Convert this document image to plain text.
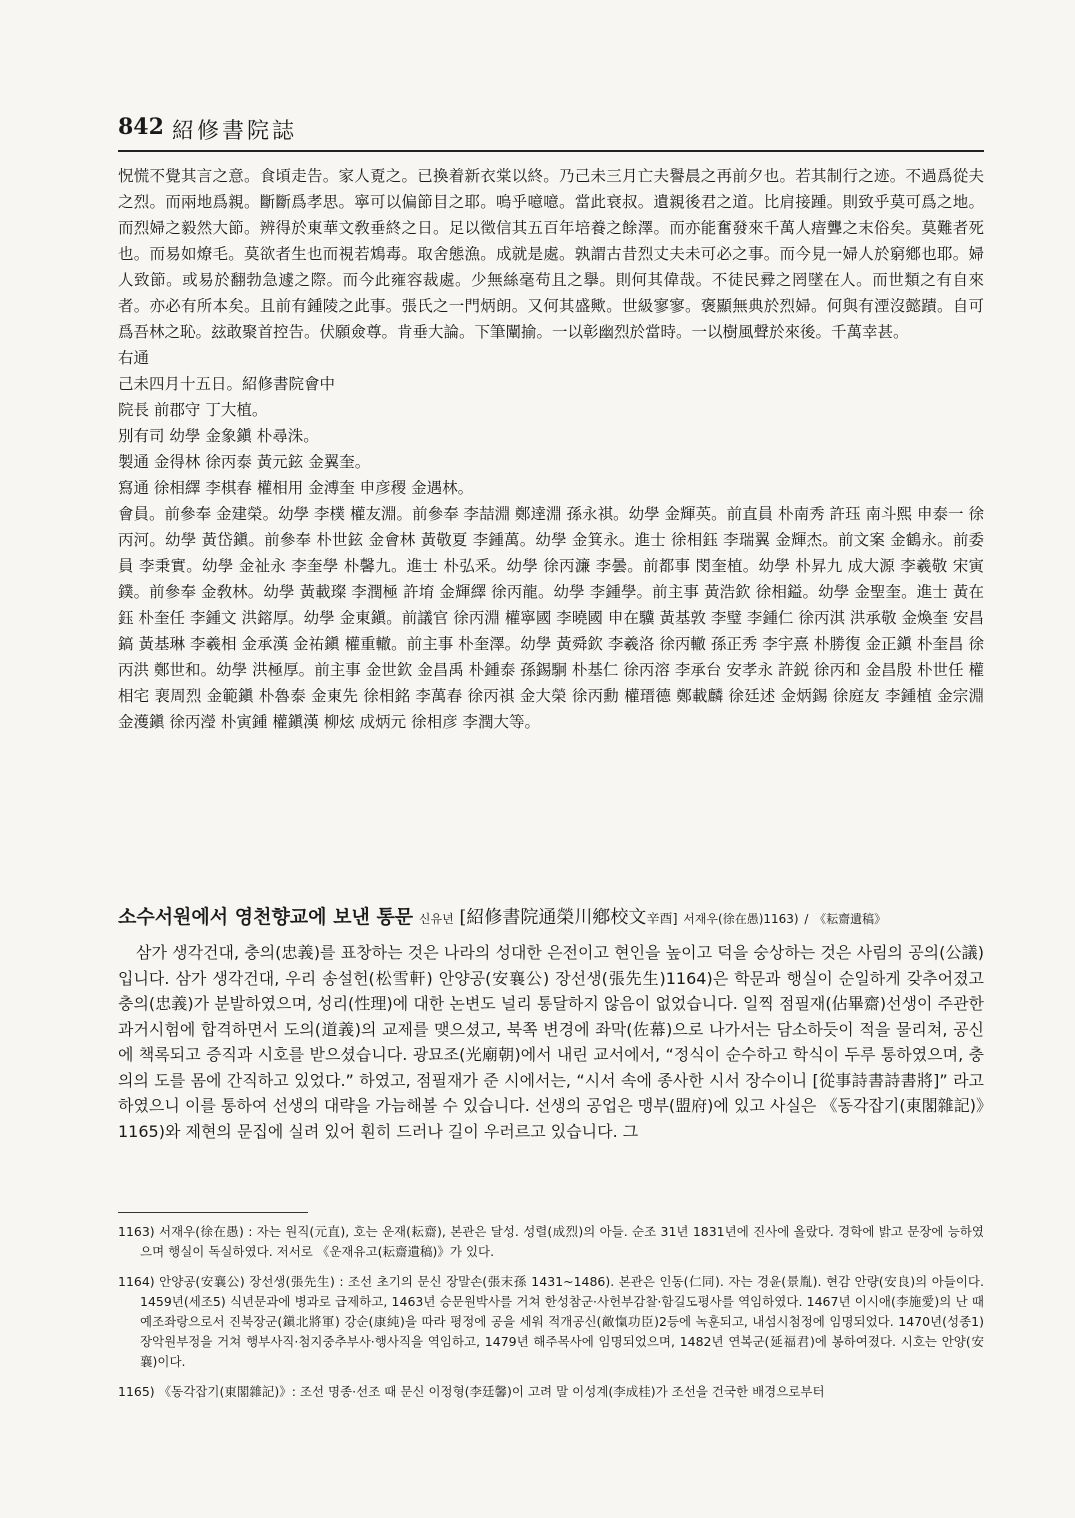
842 紹修書院誌

怳慌不覺其言之意。食頃走告。家人覔之。已換着新衣棠以終。乃己未三月亡夫譽晨之再前夕也。若其制行之迹。不過爲從夫之烈。而兩地爲親。斷斷爲孝思。寧可以偏節目之耶。嗚乎噫噫。當此衰叔。遺親後君之道。比肩接踵。則致乎莫可爲之地。而烈婦之毅然大節。辨得於東華文敎垂終之日。足以徵信其五百年培養之餘澤。而亦能奮發來千萬人瘖聾之末俗矣。莫難者死也。而易如燎毛。莫欲者生也而視若鴆毒。取舍態漁。成就是處。孰謂古昔烈丈夫未可必之事。而今見一婦人於窮鄕也耶。婦人致節。或易於翻勃急遽之際。而今此雍容裁處。少無絲毫苟且之擧。則何其偉哉。不徒民彛之罔墜在人。而世類之有自來者。亦必有所本矣。且前有鍾陵之此事。張氏之一門炳朗。又何其盛歟。世級寥寥。褒顯無典於烈婦。何與有湮沒懿蹟。自可爲吾林之恥。玆敢聚首控告。伏願僉尊。肯垂大論。下筆闡揄。一以彰幽烈於當時。一以樹風聲於來後。千萬幸甚。

右通

己未四月十五日。紹修書院會中

院長 前郡守 丁大植。

別有司 幼學 金象鎭 朴尋洙。

製通 金得林 徐丙泰 黃元鉉 金翼奎。

寫通 徐相繹 李棋春 權相用 金溥奎 申彦稷 金遇林。

會員。前參奉 金建榮。幼學 李樸 權友淵。前參奉 李喆淵 鄭達淵 孫永祺。幼學 金輝英。前直員 朴南秀 許珏 南斗熙 申泰一 徐丙河。幼學 黃岱鎭。前參奉 朴世鉉 金會林 黃敬夏 李鍾萬。幼學 金箕永。進士 徐相鈺 李瑞翼 金輝杰。前文案 金鶴永。前委員 李秉實。幼學 金祉永 李奎學 朴馨九。進士 朴弘釆。幼學 徐丙濂 李曇。前都事 閔奎植。幼學 朴昇九 成大源 李羲敬 宋寅鏷。前參奉 金敎林。幼學 黃載璨 李潤極 許堉 金輝繹 徐丙龍。幼學 李鍾學。前主事 黃浩欽 徐相鎰。幼學 金聖奎。進士 黃在鈺 朴奎任 李鍾文 洪鎔厚。幼學 金東鎭。前議官 徐丙淵 權寧國 李曉國 申在驥 黃基敦 李璧 李鍾仁 徐丙淇 洪承敬 金煥奎 安昌鎬 黃基琳 李羲相 金承漢 金祐鎭 權重轍。前主事 朴奎澤。幼學 黃舜欽 李羲洛 徐丙轍 孫正秀 李宇熹 朴勝復 金正鎭 朴奎昌 徐丙洪 鄭世和。幼學 洪極厚。前主事 金世欽 金昌禹 朴鍾泰 孫錫駉 朴基仁 徐丙溶 李承台 安孝永 許鋭 徐丙和 金昌殷 朴世任 權相宅 裵周烈 金範鎭 朴魯泰 金東先 徐相銘 李萬春 徐丙祺 金大榮 徐丙勳 權瑨德 鄭載麟 徐廷述 金炳錫 徐庭友 李鍾植 金宗淵 金濩鎭 徐丙瀅 朴寅鍾 權鎭漢 柳炫 成炳元 徐相彦 李潤大等。

소수서원에서 영천향교에 보낸 통문 신유년 [紹修書院通榮川鄕校文辛酉] 서재우(徐在愚)1163) / 《耘齋遺稿》

삼가 생각건대, 충의(忠義)를 표창하는 것은 나라의 성대한 은전이고 현인을 높이고 덕을 숭상하는 것은 사림의 공의(公議)입니다. 삼가 생각건대, 우리 송설헌(松雪軒) 안양공(安襄公) 장선생(張先生)1164)은 학문과 행실이 순일하게 갖추어졌고 충의(忠義)가 분발하였으며, 성리(性理)에 대한 논변도 널리 통달하지 않음이 없었습니다. 일찍 점필재(佔畢齋)선생이 주관한 과거시험에 합격하면서 도의(道義)의 교제를 맺으셨고, 북쪽 변경에 좌막(佐幕)으로 나가서는 담소하듯이 적을 물리쳐, 공신에 책록되고 증직과 시호를 받으셨습니다. 광묘조(光廟朝)에서 내린 교서에서, “정식이 순수하고 학식이 두루 통하였으며, 충의의 도를 몸에 간직하고 있었다.” 하였고, 점필재가 준 시에서는, “시서 속에 종사한 시서 장수이니 [從事詩書詩書將]” 라고 하였으니 이를 통하여 선생의 대략을 가늠해볼 수 있습니다. 선생의 공업은 맹부(盟府)에 있고 사실은 《동각잡기(東閣雜記)》1165)와 제현의 문집에 실려 있어 훤히 드러나 길이 우러르고 있습니다. 그

1163) 서재우(徐在愚) : 자는 원직(元直), 호는 운재(耘齋), 본관은 달성. 성렬(成烈)의 아들. 순조 31년 1831년에 진사에 올랐다. 경학에 밝고 문장에 능하였으며 행실이 독실하였다. 저서로 《운재유고(耘齋遺稿)》가 있다.

1164) 안양공(安襄公) 장선생(張先生) : 조선 초기의 문신 장말손(張末孫 1431~1486). 본관은 인동(仁同). 자는 경윤(景胤). 현감 안량(安良)의 아들이다. 1459년(세조5) 식년문과에 병과로 급제하고, 1463년 승문원박사를 거쳐 한성참군·사헌부감찰·함길도평사를 역임하였다. 1467년 이시애(李施愛)의 난 때 예조좌랑으로서 진북장군(鎭北將軍) 강순(康純)을 따라 평정에 공을 세워 적개공신(敵愾功臣)2등에 녹훈되고, 내섬시첨정에 임명되었다. 1470년(성종1) 장악원부정을 거쳐 행부사직·첨지중추부사·행사직을 역임하고, 1479년 해주목사에 임명되었으며, 1482년 연복군(延福君)에 봉하여졌다. 시호는 안양(安襄)이다.

1165) 《동각잡기(東閣雜記)》: 조선 명종·선조 때 문신 이정형(李廷馨)이 고려 말 이성계(李成桂)가 조선을 건국한 배경으로부터
